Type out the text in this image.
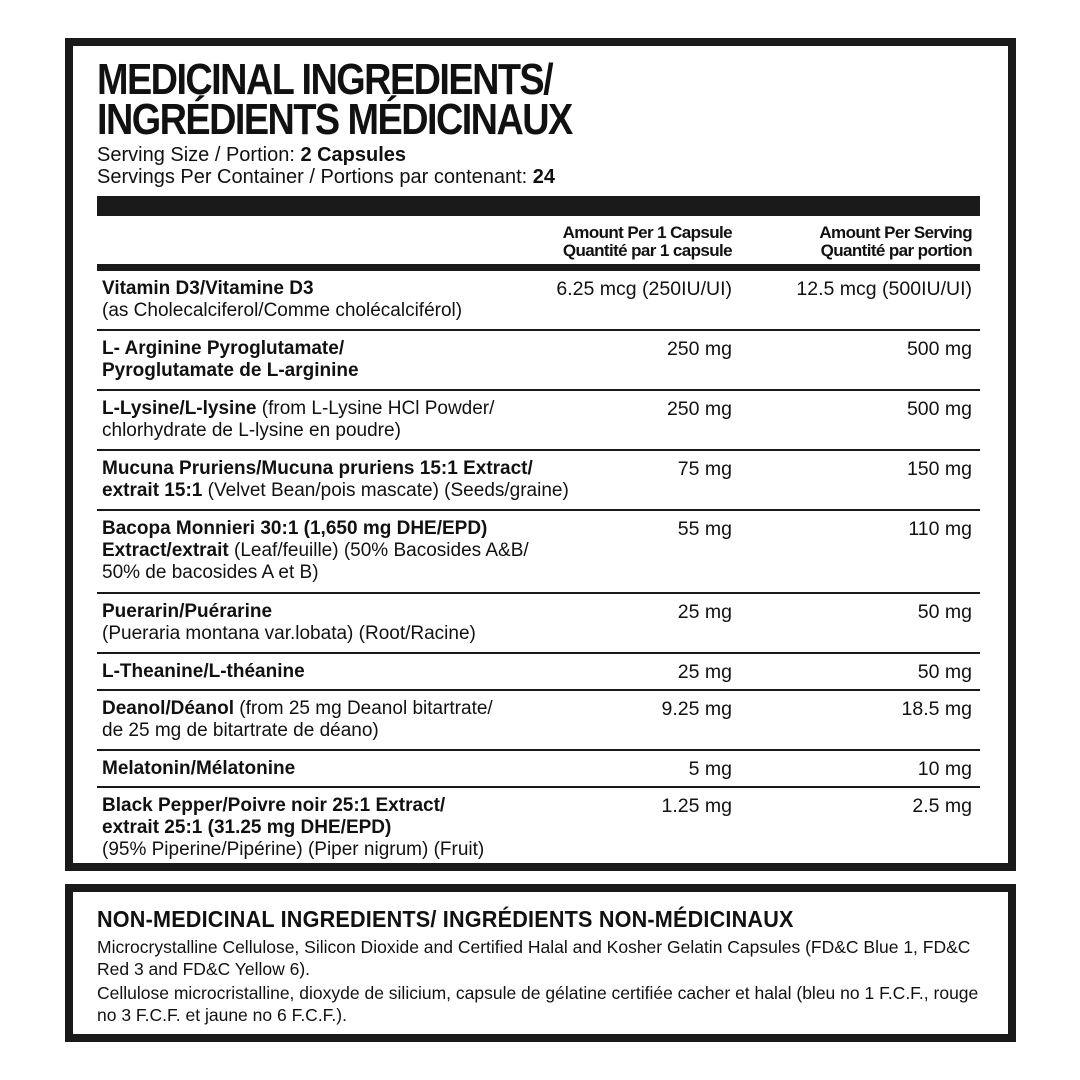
MEDICINAL INGREDIENTS/
INGRÉDIENTS MÉDICINAUX
Serving Size / Portion: 2 Capsules
Servings Per Container / Portions par contenant: 24
Amount Per 1 Capsule
Quantité par 1 capsule
Amount Per Serving
Quantité par portion
Vitamin D3/Vitamine D3
(as Cholecalciferol/Comme cholécalciférol)
6.25 mcg (250IU/UI)	12.5 mcg (500IU/UI)
L- Arginine Pyroglutamate/
Pyroglutamate de L-arginine
250 mg	500 mg
L-Lysine/L-lysine (from L-Lysine HCl Powder/
chlorhydrate de L-lysine en poudre)
250 mg	500 mg
Mucuna Pruriens/Mucuna pruriens 15:1 Extract/
extrait 15:1 (Velvet Bean/pois mascate) (Seeds/graine)
75 mg	150 mg
Bacopa Monnieri 30:1 (1,650 mg DHE/EPD)
Extract/extrait (Leaf/feuille) (50% Bacosides A&B/
50% de bacosides A et B)
55 mg	110 mg
Puerarin/Puérarine
(Pueraria montana var.lobata) (Root/Racine)
25 mg	50 mg
L-Theanine/L-théanine	25 mg	50 mg
Deanol/Déanol (from 25 mg Deanol bitartrate/
de 25 mg de bitartrate de déano)
9.25 mg	18.5 mg
Melatonin/Mélatonine	5 mg	10 mg
Black Pepper/Poivre noir 25:1 Extract/
extrait 25:1 (31.25 mg DHE/EPD)
(95% Piperine/Pipérine) (Piper nigrum) (Fruit)
1.25 mg	2.5 mg
NON-MEDICINAL INGREDIENTS/ INGRÉDIENTS NON-MÉDICINAUX

Microcrystalline Cellulose, Silicon Dioxide and Certified Halal and Kosher Gelatin Capsules (FD&C Blue 1, FD&C Red 3 and FD&C Yellow 6).

Cellulose microcristalline, dioxyde de silicium, capsule de gélatine certifiée cacher et halal (bleu no 1 F.C.F., rouge no 3 F.C.F. et jaune no 6 F.C.F.).
